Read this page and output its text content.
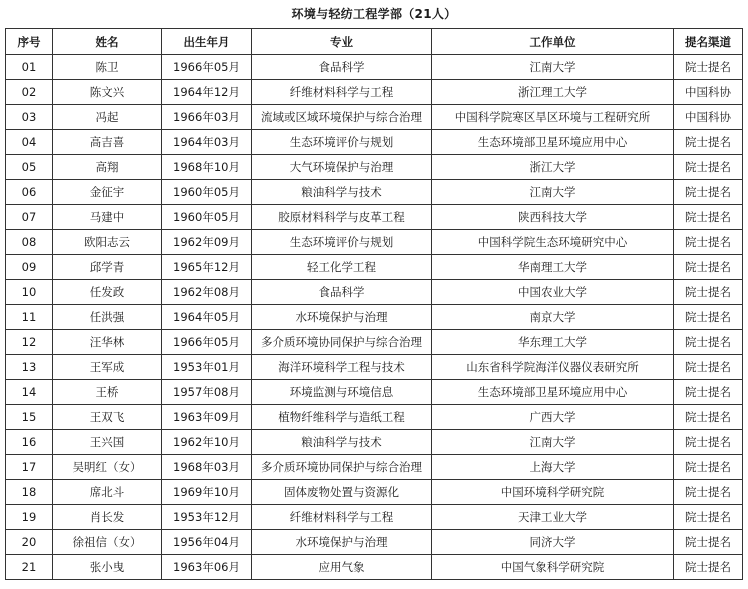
环境与轻纺工程学部（21人）
序号	姓名	出生年月	专业	工作单位	提名渠道
01	陈卫	1966年05月	食品科学	江南大学	院士提名
02	陈文兴	1964年12月	纤维材料科学与工程	浙江理工大学	中国科协
03	冯起	1966年03月	流域或区域环境保护与综合治理	中国科学院寒区旱区环境与工程研究所	中国科协
04	高吉喜	1964年03月	生态环境评价与规划	生态环境部卫星环境应用中心	院士提名
05	高翔	1968年10月	大气环境保护与治理	浙江大学	院士提名
06	金征宇	1960年05月	粮油科学与技术	江南大学	院士提名
07	马建中	1960年05月	胶原材料科学与皮革工程	陕西科技大学	院士提名
08	欧阳志云	1962年09月	生态环境评价与规划	中国科学院生态环境研究中心	院士提名
09	邱学青	1965年12月	轻工化学工程	华南理工大学	院士提名
10	任发政	1962年08月	食品科学	中国农业大学	院士提名
11	任洪强	1964年05月	水环境保护与治理	南京大学	院士提名
12	汪华林	1966年05月	多介质环境协同保护与综合治理	华东理工大学	院士提名
13	王军成	1953年01月	海洋环境科学工程与技术	山东省科学院海洋仪器仪表研究所	院士提名
14	王桥	1957年08月	环境监测与环境信息	生态环境部卫星环境应用中心	院士提名
15	王双飞	1963年09月	植物纤维科学与造纸工程	广西大学	院士提名
16	王兴国	1962年10月	粮油科学与技术	江南大学	院士提名
17	吴明红（女）	1968年03月	多介质环境协同保护与综合治理	上海大学	院士提名
18	席北斗	1969年10月	固体废物处置与资源化	中国环境科学研究院	院士提名
19	肖长发	1953年12月	纤维材料科学与工程	天津工业大学	院士提名
20	徐祖信（女）	1956年04月	水环境保护与治理	同济大学	院士提名
21	张小曳	1963年06月	应用气象	中国气象科学研究院	院士提名
